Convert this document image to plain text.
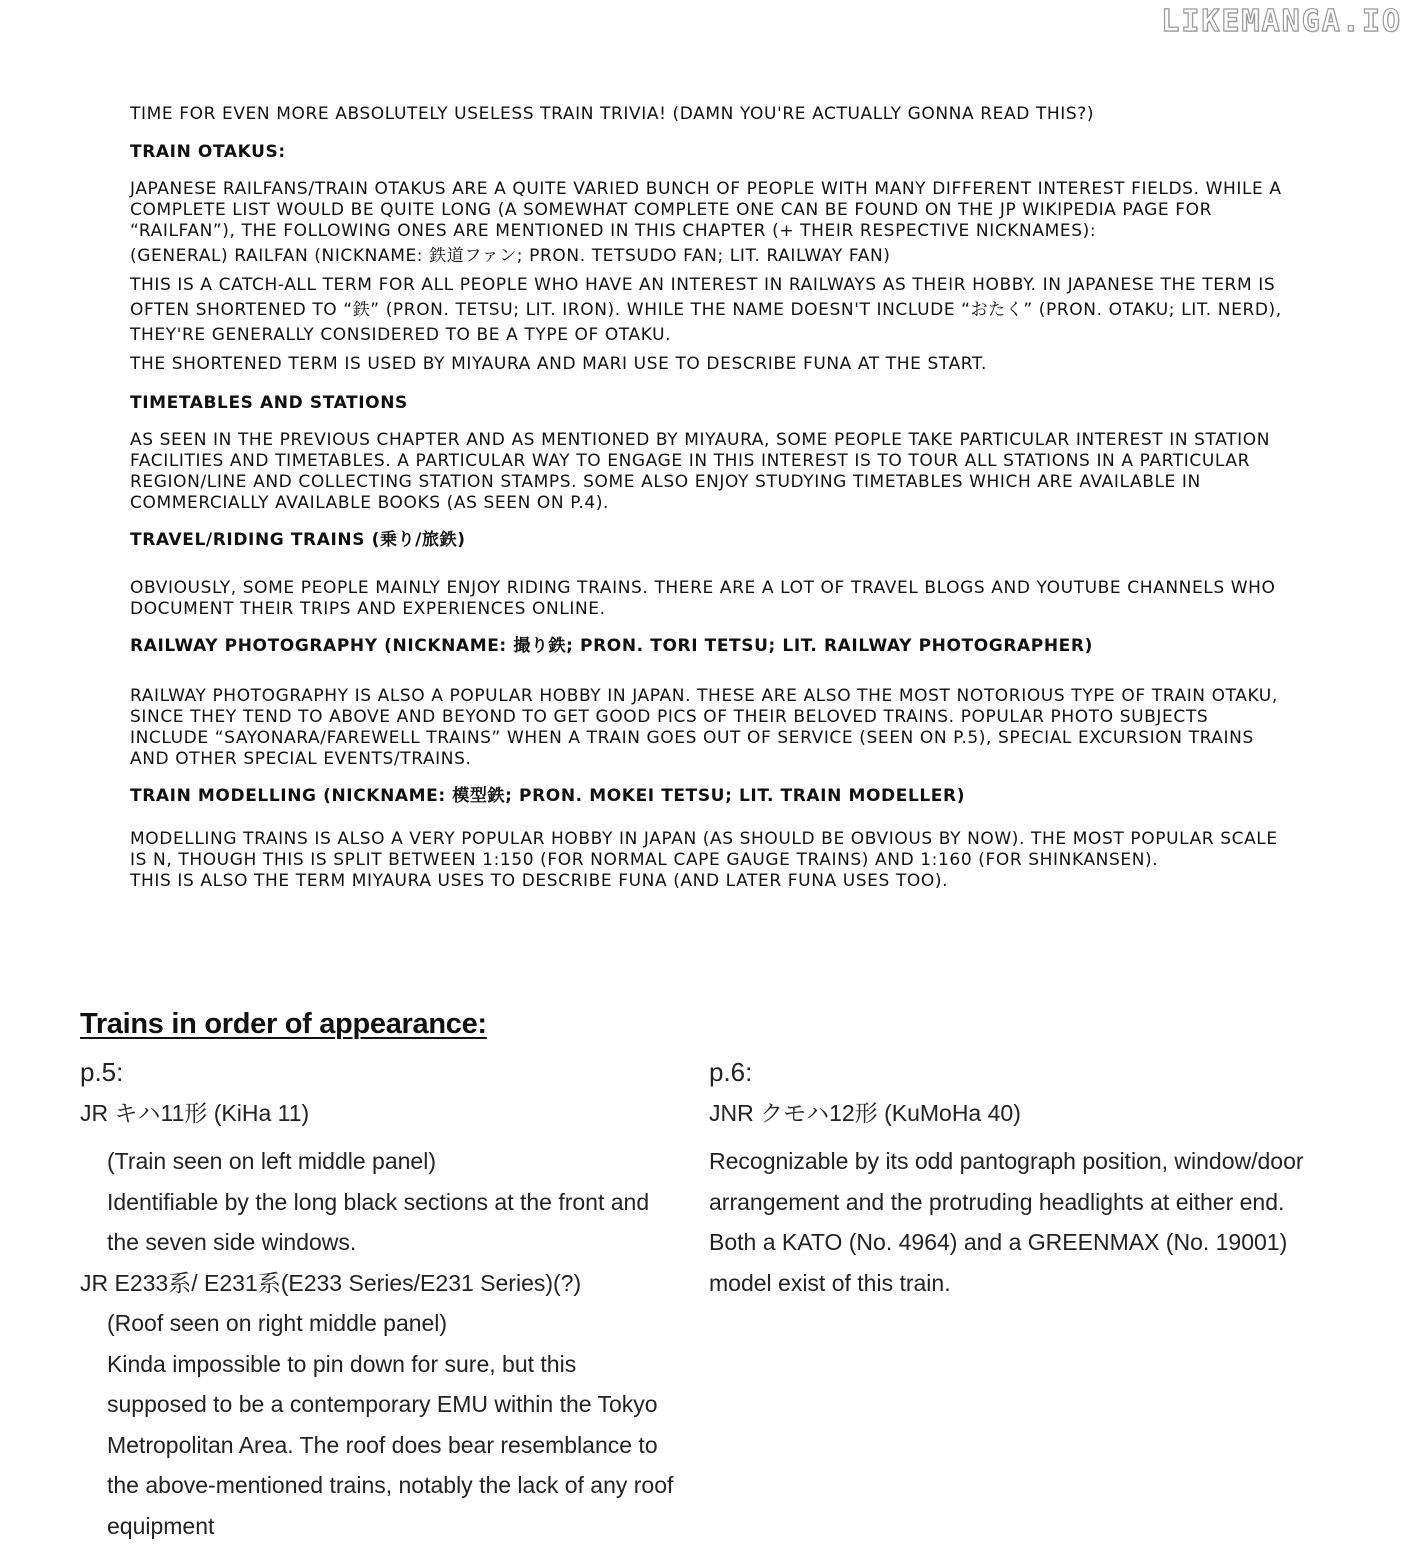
LIKEMANGA.IO

TIME FOR EVEN MORE ABSOLUTELY USELESS TRAIN TRIVIA! (DAMN YOU'RE ACTUALLY GONNA READ THIS?)

TRAIN OTAKUS:

JAPANESE RAILFANS/TRAIN OTAKUS ARE A QUITE VARIED BUNCH OF PEOPLE WITH MANY DIFFERENT INTEREST FIELDS. WHILE A COMPLETE LIST WOULD BE QUITE LONG (A SOMEWHAT COMPLETE ONE CAN BE FOUND ON THE JP WIKIPEDIA PAGE FOR “RAILFAN”), THE FOLLOWING ONES ARE MENTIONED IN THIS CHAPTER (+ THEIR RESPECTIVE NICKNAMES):

(GENERAL) RAILFAN (NICKNAME: 鉄道ファン; PRON. TETSUDO FAN; LIT. RAILWAY FAN)

THIS IS A CATCH-ALL TERM FOR ALL PEOPLE WHO HAVE AN INTEREST IN RAILWAYS AS THEIR HOBBY. IN JAPANESE THE TERM IS OFTEN SHORTENED TO “鉄” (PRON. TETSU; LIT. IRON). WHILE THE NAME DOESN'T INCLUDE “おたく” (PRON. OTAKU; LIT. NERD), THEY'RE GENERALLY CONSIDERED TO BE A TYPE OF OTAKU.

THE SHORTENED TERM IS USED BY MIYAURA AND MARI USE TO DESCRIBE FUNA AT THE START.

TIMETABLES AND STATIONS

AS SEEN IN THE PREVIOUS CHAPTER AND AS MENTIONED BY MIYAURA, SOME PEOPLE TAKE PARTICULAR INTEREST IN STATION FACILITIES AND TIMETABLES. A PARTICULAR WAY TO ENGAGE IN THIS INTEREST IS TO TOUR ALL STATIONS IN A PARTICULAR REGION/LINE AND COLLECTING STATION STAMPS. SOME ALSO ENJOY STUDYING TIMETABLES WHICH ARE AVAILABLE IN COMMERCIALLY AVAILABLE BOOKS (AS SEEN ON P.4).

TRAVEL/RIDING TRAINS (乗り/旅鉄)

OBVIOUSLY, SOME PEOPLE MAINLY ENJOY RIDING TRAINS. THERE ARE A LOT OF TRAVEL BLOGS AND YOUTUBE CHANNELS WHO DOCUMENT THEIR TRIPS AND EXPERIENCES ONLINE.

RAILWAY PHOTOGRAPHY (NICKNAME: 撮り鉄; PRON. TORI TETSU; LIT. RAILWAY PHOTOGRAPHER)

RAILWAY PHOTOGRAPHY IS ALSO A POPULAR HOBBY IN JAPAN. THESE ARE ALSO THE MOST NOTORIOUS TYPE OF TRAIN OTAKU, SINCE THEY TEND TO ABOVE AND BEYOND TO GET GOOD PICS OF THEIR BELOVED TRAINS. POPULAR PHOTO SUBJECTS INCLUDE “SAYONARA/FAREWELL TRAINS” WHEN A TRAIN GOES OUT OF SERVICE (SEEN ON P.5), SPECIAL EXCURSION TRAINS AND OTHER SPECIAL EVENTS/TRAINS.

TRAIN MODELLING (NICKNAME: 模型鉄; PRON. MOKEI TETSU; LIT. TRAIN MODELLER)

MODELLING TRAINS IS ALSO A VERY POPULAR HOBBY IN JAPAN (AS SHOULD BE OBVIOUS BY NOW). THE MOST POPULAR SCALE IS N, THOUGH THIS IS SPLIT BETWEEN 1:150 (FOR NORMAL CAPE GAUGE TRAINS) AND 1:160 (FOR SHINKANSEN).

THIS IS ALSO THE TERM MIYAURA USES TO DESCRIBE FUNA (AND LATER FUNA USES TOO).

Trains in order of appearance:

p.5:

JR キハ11形 (KiHa 11)

(Train seen on left middle panel)

Identifiable by the long black sections at the front and the seven side windows.

JR E233系/ E231系(E233 Series/E231 Series)(?)

(Roof seen on right middle panel)

Kinda impossible to pin down for sure, but this supposed to be a contemporary EMU within the Tokyo Metropolitan Area. The roof does bear resemblance to the above-mentioned trains, notably the lack of any roof equipment

p.6:

JNR クモハ12形 (KuMoHa 40)

Recognizable by its odd pantograph position, window/door arrangement and the protruding headlights at either end. Both a KATO (No. 4964) and a GREENMAX (No. 19001) model exist of this train.
